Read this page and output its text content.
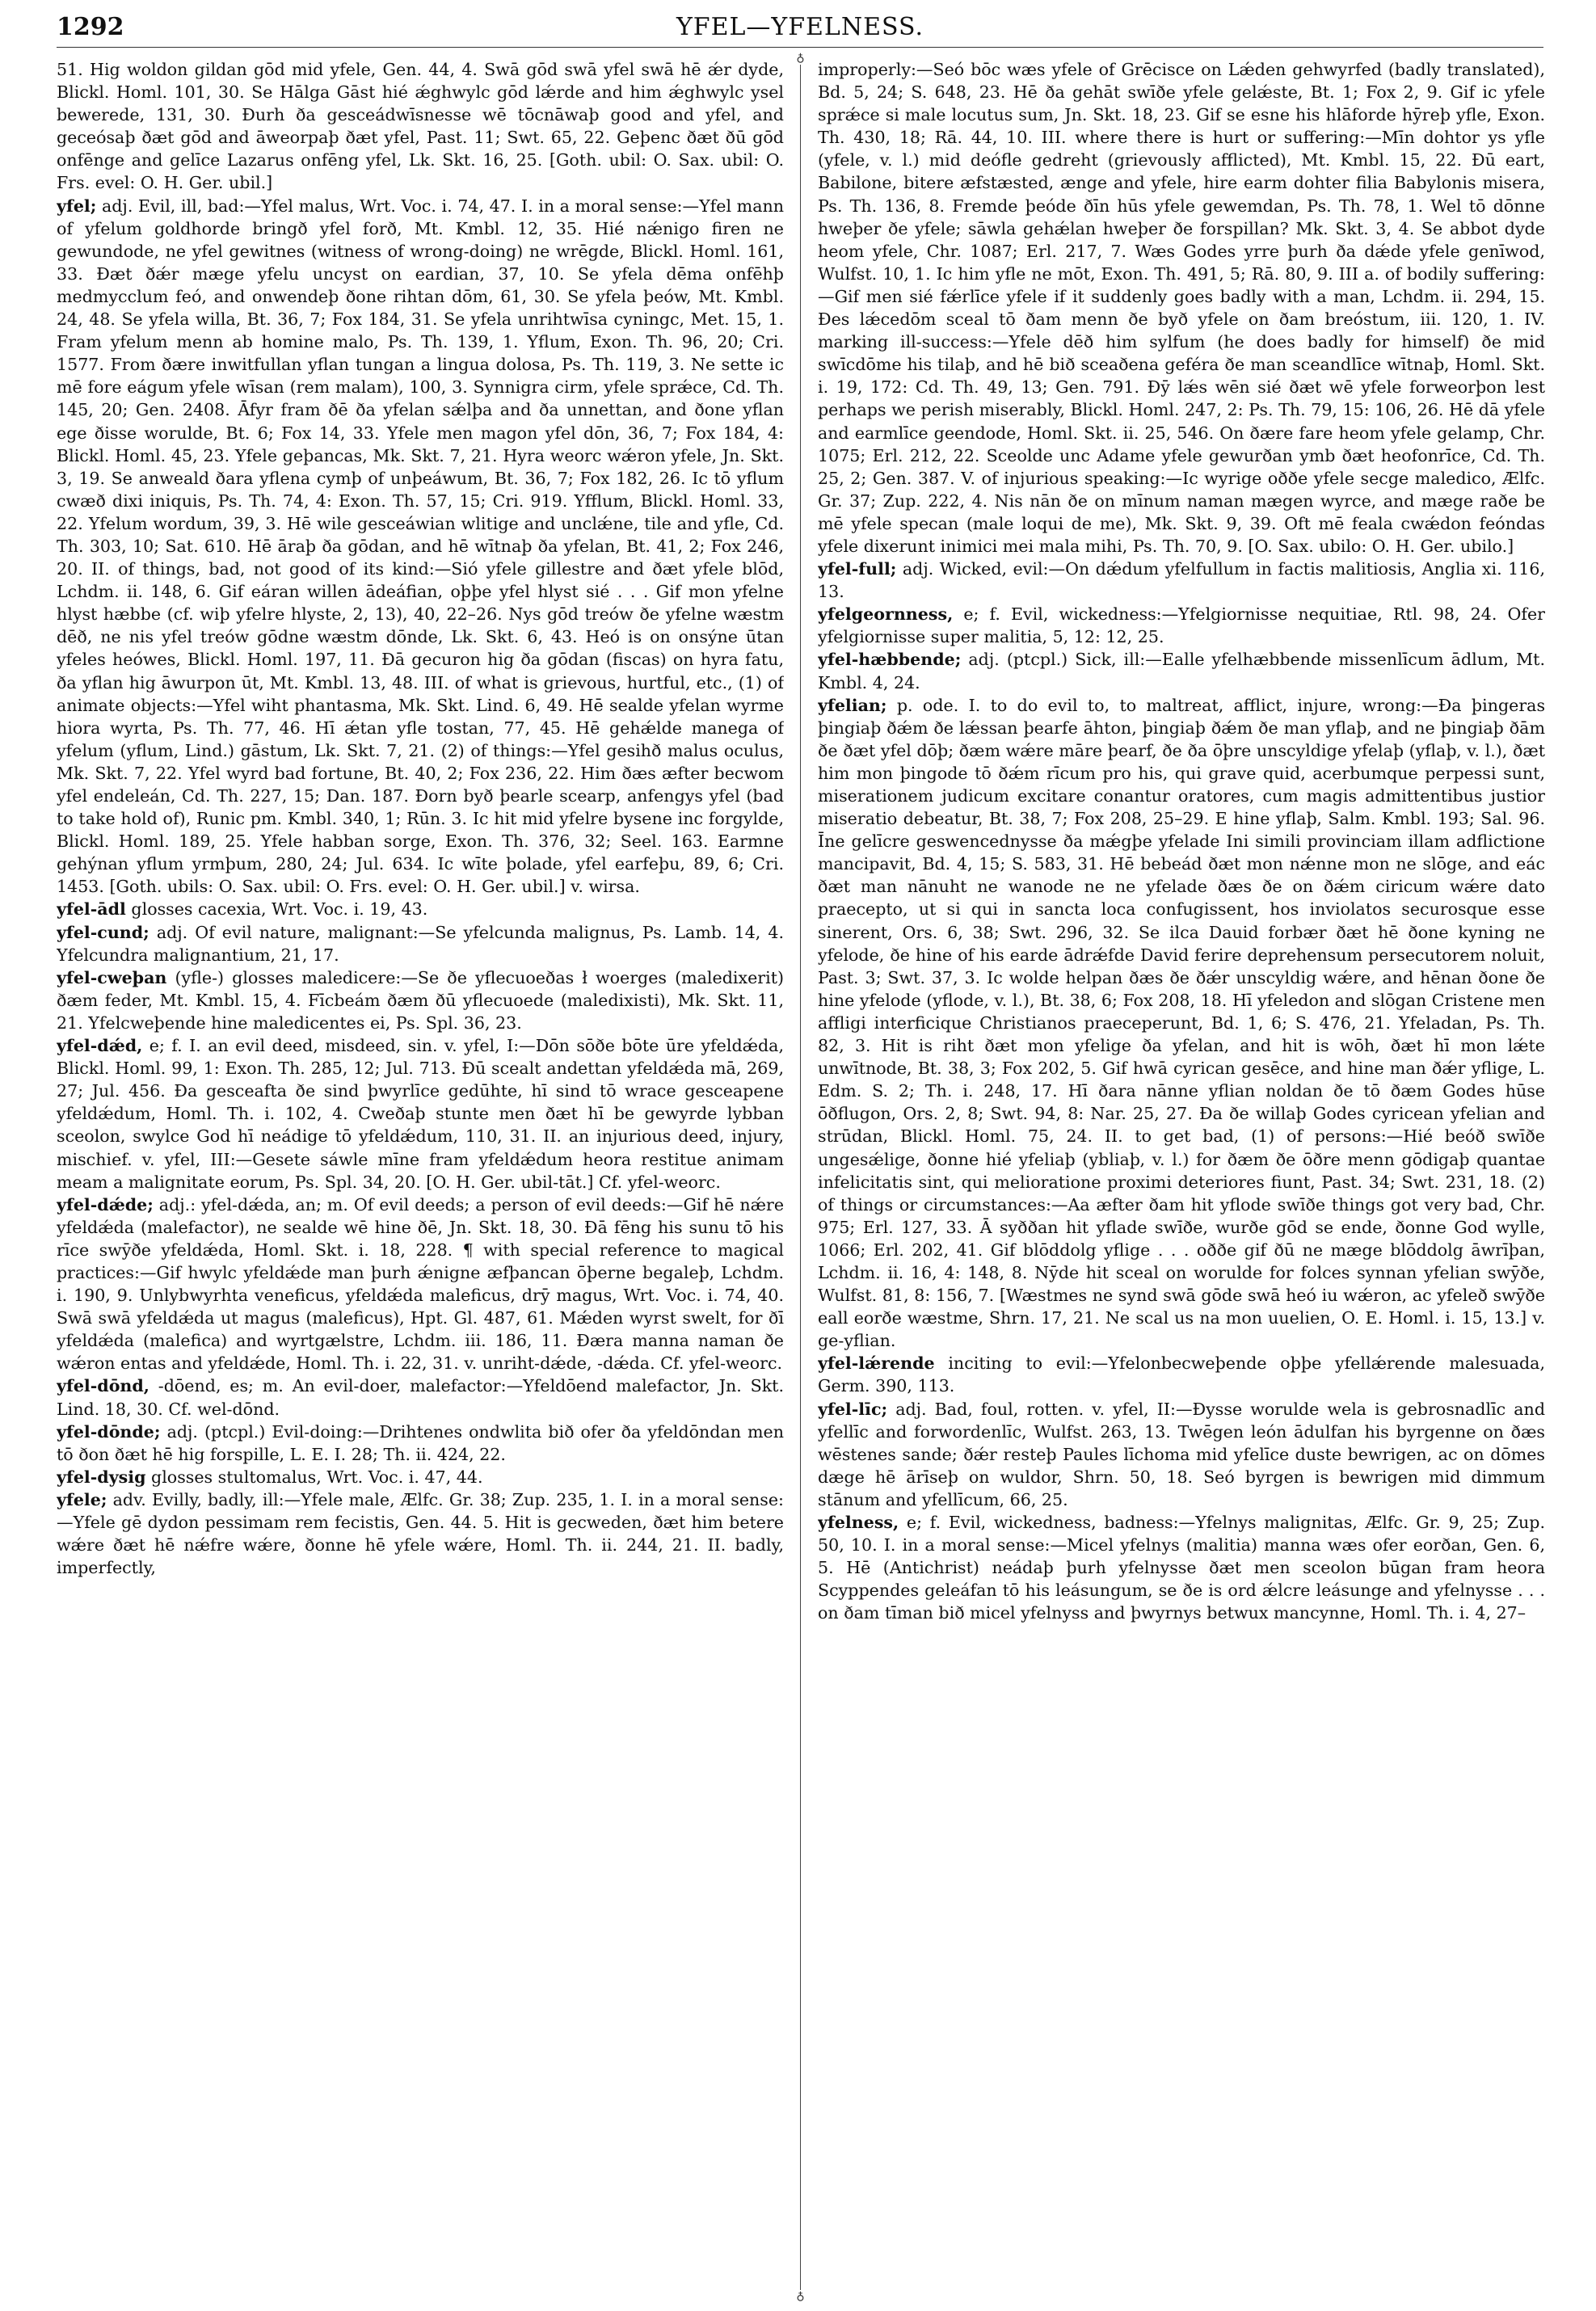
1292	YFEL—YFELNESS.

51. Hig woldon gildan gōd mid yfele, Gen. 44, 4. Swā gōd swā yfel swā hē ǽr dyde, Blickl. Homl. 101, 30. Se Hālga Gāst hié ǽghwylc gōd lǽrde and him ǽghwylc ysel bewerede, 131, 30. Ðurh ða gesceádwīsnesse wē tōcnāwaþ good and yfel, and geceósaþ ðæt gōd and āweorpaþ ðæt yfel, Past. 11; Swt. 65, 22. Geþenc ðæt ðū gōd onfēnge and gelīce Lazarus onfēng yfel, Lk. Skt. 16, 25. [Goth. ubil: O. Sax. ubil: O. Frs. evel: O. H. Ger. ubil.]

yfel; adj. Evil, ill, bad:—Yfel malus, Wrt. Voc. i. 74, 47. I. in a moral sense:—Yfel mann of yfelum goldhorde bringð yfel forð, Mt. Kmbl. 12, 35. Hié nǽnigo firen ne gewundode, ne yfel gewitnes (witness of wrong-doing) ne wrēgde, Blickl. Homl. 161, 33. Ðæt ðǽr mæge yfelu uncyst on eardian, 37, 10. Se yfela dēma onfēhþ medmycclum feó, and onwendeþ ðone rihtan dōm, 61, 30. Se yfela þeów, Mt. Kmbl. 24, 48. Se yfela willa, Bt. 36, 7; Fox 184, 31. Se yfela unrihtwīsa cyningc, Met. 15, 1. Fram yfelum menn ab homine malo, Ps. Th. 139, 1. Yflum, Exon. Th. 96, 20; Cri. 1577. From ðære inwitfullan yflan tungan a lingua dolosa, Ps. Th. 119, 3. Ne sette ic mē fore eágum yfele wīsan (rem malam), 100, 3. Synnigra cirm, yfele sprǽce, Cd. Th. 145, 20; Gen. 2408. Āfyr fram ðē ða yfelan sǽlþa and ða unnettan, and ðone yflan ege ðisse worulde, Bt. 6; Fox 14, 33. Yfele men magon yfel dōn, 36, 7; Fox 184, 4: Blickl. Homl. 45, 23. Yfele geþancas, Mk. Skt. 7, 21. Hyra weorc wǽron yfele, Jn. Skt. 3, 19. Se anweald ðara yflena cymþ of unþeáwum, Bt. 36, 7; Fox 182, 26. Ic tō yflum cwæð dixi iniquis, Ps. Th. 74, 4: Exon. Th. 57, 15; Cri. 919. Yfflum, Blickl. Homl. 33, 22. Yfelum wordum, 39, 3. Hē wile gesceáwian wlitige and unclǽne, tile and yfle, Cd. Th. 303, 10; Sat. 610. Hē āraþ ða gōdan, and hē wītnaþ ða yfelan, Bt. 41, 2; Fox 246, 20. II. of things, bad, not good of its kind:—Sió yfele gillestre and ðæt yfele blōd, Lchdm. ii. 148, 6. Gif eáran willen ādeáfian, oþþe yfel hlyst sié . . . Gif mon yfelne hlyst hæbbe (cf. wiþ yfelre hlyste, 2, 13), 40, 22–26. Nys gōd treów ðe yfelne wæstm dēð, ne nis yfel treów gōdne wæstm dōnde, Lk. Skt. 6, 43. Heó is on onsýne ūtan yfeles heówes, Blickl. Homl. 197, 11. Ðā gecuron hig ða gōdan (fiscas) on hyra fatu, ða yflan hig āwurpon ūt, Mt. Kmbl. 13, 48. III. of what is grievous, hurtful, etc., (1) of animate objects:—Yfel wiht phantasma, Mk. Skt. Lind. 6, 49. Hē sealde yfelan wyrme hiora wyrta, Ps. Th. 77, 46. Hī ǽtan yfle tostan, 77, 45. Hē gehǽlde manega of yfelum (yflum, Lind.) gāstum, Lk. Skt. 7, 21. (2) of things:—Yfel gesihð malus oculus, Mk. Skt. 7, 22. Yfel wyrd bad fortune, Bt. 40, 2; Fox 236, 22. Him ðæs æfter becwom yfel endeleán, Cd. Th. 227, 15; Dan. 187. Ðorn byð þearle scearp, anfengys yfel (bad to take hold of), Runic pm. Kmbl. 340, 1; Rūn. 3. Ic hit mid yfelre bysene inc forgylde, Blickl. Homl. 189, 25. Yfele habban sorge, Exon. Th. 376, 32; Seel. 163. Earmne gehýnan yflum yrmþum, 280, 24; Jul. 634. Ic wīte þolade, yfel earfeþu, 89, 6; Cri. 1453. [Goth. ubils: O. Sax. ubil: O. Frs. evel: O. H. Ger. ubil.] v. wirsa.

yfel-ādl glosses cacexia, Wrt. Voc. i. 19, 43.

yfel-cund; adj. Of evil nature, malignant:—Se yfelcunda malignus, Ps. Lamb. 14, 4. Yfelcundra malignantium, 21, 17.

yfel-cweþan (yfle-) glosses maledicere:—Se ðe yflecuoeðas ł woerges (maledixerit) ðæm feder, Mt. Kmbl. 15, 4. Fīcbeám ðæm ðū yflecuoede (maledixisti), Mk. Skt. 11, 21. Yfelcweþende hine maledicentes ei, Ps. Spl. 36, 23.

yfel-dǽd, e; f. I. an evil deed, misdeed, sin. v. yfel, I:—Dōn sōðe bōte ūre yfeldǽda, Blickl. Homl. 99, 1: Exon. Th. 285, 12; Jul. 713. Ðū scealt andettan yfeldǽda mā, 269, 27; Jul. 456. Ða gesceafta ðe sind þwyrlīce gedūhte, hī sind tō wrace gesceapene yfeldǽdum, Homl. Th. i. 102, 4. Cweðaþ stunte men ðæt hī be gewyrde lybban sceolon, swylce God hī neádige tō yfeldǽdum, 110, 31. II. an injurious deed, injury, mischief. v. yfel, III:—Gesete sáwle mīne fram yfeldǽdum heora restitue animam meam a malignitate eorum, Ps. Spl. 34, 20. [O. H. Ger. ubil-tāt.] Cf. yfel-weorc.

yfel-dǽde; adj.: yfel-dǽda, an; m. Of evil deeds; a person of evil deeds:—Gif hē nǽre yfeldǽda (malefactor), ne sealde wē hine ðē, Jn. Skt. 18, 30. Ðā fēng his sunu tō his rīce swȳðe yfeldǽda, Homl. Skt. i. 18, 228. ¶ with special reference to magical practices:—Gif hwylc yfeldǽde man þurh ǽnigne æfþancan ōþerne begaleþ, Lchdm. i. 190, 9. Unlybwyrhta veneficus, yfeldǽda maleficus, drȳ magus, Wrt. Voc. i. 74, 40. Swā swā yfeldǽda ut magus (maleficus), Hpt. Gl. 487, 61. Mǽden wyrst swelt, for ðī yfeldǽda (malefica) and wyrtgælstre, Lchdm. iii. 186, 11. Ðæra manna naman ðe wǽron entas and yfeldǽde, Homl. Th. i. 22, 31. v. unriht-dǽde, -dǽda. Cf. yfel-weorc.

yfel-dōnd, -dōend, es; m. An evil-doer, malefactor:—Yfeldōend malefactor, Jn. Skt. Lind. 18, 30. Cf. wel-dōnd.

yfel-dōnde; adj. (ptcpl.) Evil-doing:—Drihtenes ondwlita bið ofer ða yfeldōndan men tō ðon ðæt hē hig forspille, L. E. I. 28; Th. ii. 424, 22.

yfel-dysig glosses stultomalus, Wrt. Voc. i. 47, 44.

yfele; adv. Evilly, badly, ill:—Yfele male, Ælfc. Gr. 38; Zup. 235, 1. I. in a moral sense:—Yfele gē dydon pessimam rem fecistis, Gen. 44. 5. Hit is gecweden, ðæt him betere wǽre ðæt hē nǽfre wǽre, ðonne hē yfele wǽre, Homl. Th. ii. 244, 21. II. badly, imperfectly,

♁
♁

improperly:—Seó bōc wæs yfele of Grēcisce on Lǽden gehwyrfed (badly translated), Bd. 5, 24; S. 648, 23. Hē ða gehāt swīðe yfele gelǽste, Bt. 1; Fox 2, 9. Gif ic yfele sprǽce si male locutus sum, Jn. Skt. 18, 23. Gif se esne his hlāforde hȳreþ yfle, Exon. Th. 430, 18; Rā. 44, 10. III. where there is hurt or suffering:—Mīn dohtor ys yfle (yfele, v. l.) mid deófle gedreht (grievously afflicted), Mt. Kmbl. 15, 22. Ðū eart, Babilone, bitere æfstæsted, ænge and yfele, hire earm dohter filia Babylonis misera, Ps. Th. 136, 8. Fremde þeóde ðīn hūs yfele gewemdan, Ps. Th. 78, 1. Wel tō dōnne hweþer ðe yfele; sāwla gehǽlan hweþer ðe forspillan? Mk. Skt. 3, 4. Se abbot dyde heom yfele, Chr. 1087; Erl. 217, 7. Wæs Godes yrre þurh ða dǽde yfele genīwod, Wulfst. 10, 1. Ic him yfle ne mōt, Exon. Th. 491, 5; Rā. 80, 9. III a. of bodily suffering:—Gif men sié fǽrlīce yfele if it suddenly goes badly with a man, Lchdm. ii. 294, 15. Ðes lǽcedōm sceal tō ðam menn ðe byð yfele on ðam breóstum, iii. 120, 1. IV. marking ill-success:—Yfele dēð him sylfum (he does badly for himself) ðe mid swīcdōme his tilaþ, and hē bið sceaðena geféra ðe man sceandlīce wītnaþ, Homl. Skt. i. 19, 172: Cd. Th. 49, 13; Gen. 791. Ðȳ lǽs wēn sié ðæt wē yfele forweorþon lest perhaps we perish miserably, Blickl. Homl. 247, 2: Ps. Th. 79, 15: 106, 26. Hē dā yfele and earmlīce geendode, Homl. Skt. ii. 25, 546. On ðære fare heom yfele gelamp, Chr. 1075; Erl. 212, 22. Sceolde unc Adame yfele gewurðan ymb ðæt heofonrīce, Cd. Th. 25, 2; Gen. 387. V. of injurious speaking:—Ic wyrige oððe yfele secge maledico, Ælfc. Gr. 37; Zup. 222, 4. Nis nān ðe on mīnum naman mægen wyrce, and mæge raðe be mē yfele specan (male loqui de me), Mk. Skt. 9, 39. Oft mē feala cwǽdon feóndas yfele dixerunt inimici mei mala mihi, Ps. Th. 70, 9. [O. Sax. ubilo: O. H. Ger. ubilo.]

yfel-full; adj. Wicked, evil:—On dǽdum yfelfullum in factis malitiosis, Anglia xi. 116, 13.

yfelgeornness, e; f. Evil, wickedness:—Yfelgiornisse nequitiae, Rtl. 98, 24. Ofer yfelgiornisse super malitia, 5, 12: 12, 25.

yfel-hæbbende; adj. (ptcpl.) Sick, ill:—Ealle yfelhæbbende missenlīcum ādlum, Mt. Kmbl. 4, 24.

yfelian; p. ode. I. to do evil to, to maltreat, afflict, injure, wrong:—Ða þingeras þingiaþ ðǽm ðe lǽssan þearfe āhton, þingiaþ ðǽm ðe man yflaþ, and ne þingiaþ ðām ðe ðæt yfel dōþ; ðæm wǽre māre þearf, ðe ða ōþre unscyldige yfelaþ (yflaþ, v. l.), ðæt him mon þingode tō ðǽm rīcum pro his, qui grave quid, acerbumque perpessi sunt, miserationem judicum excitare conantur oratores, cum magis admittentibus justior miseratio debeatur, Bt. 38, 7; Fox 208, 25–29. E hine yflaþ, Salm. Kmbl. 193; Sal. 96. Īne gelīcre geswencednysse ða mǽgþe yfelade Ini simili provinciam illam adflictione mancipavit, Bd. 4, 15; S. 583, 31. Hē bebeád ðæt mon nǽnne mon ne slōge, and eác ðæt man nānuht ne wanode ne ne yfelade ðæs ðe on ðǽm ciricum wǽre dato praecepto, ut si qui in sancta loca confugissent, hos inviolatos securosque esse sinerent, Ors. 6, 38; Swt. 296, 32. Se ilca Dauid forbær ðæt hē ðone kyning ne yfelode, ðe hine of his earde ādrǽfde David ferire deprehensum persecutorem noluit, Past. 3; Swt. 37, 3. Ic wolde helpan ðæs ðe ðǽr unscyldig wǽre, and hēnan ðone ðe hine yfelode (yflode, v. l.), Bt. 38, 6; Fox 208, 18. Hī yfeledon and slōgan Cristene men affligi interficique Christianos praeceperunt, Bd. 1, 6; S. 476, 21. Yfeladan, Ps. Th. 82, 3. Hit is riht ðæt mon yfelige ða yfelan, and hit is wōh, ðæt hī mon lǽte unwītnode, Bt. 38, 3; Fox 202, 5. Gif hwā cyrican gesēce, and hine man ðǽr yflige, L. Edm. S. 2; Th. i. 248, 17. Hī ðara nānne yflian noldan ðe tō ðæm Godes hūse ōðflugon, Ors. 2, 8; Swt. 94, 8: Nar. 25, 27. Ða ðe willaþ Godes cyricean yfelian and strūdan, Blickl. Homl. 75, 24. II. to get bad, (1) of persons:—Hié beóð swīðe ungesǽlige, ðonne hié yfeliaþ (ybliaþ, v. l.) for ðæm ðe ōðre menn gōdigaþ quantae infelicitatis sint, qui melioratione proximi deteriores fiunt, Past. 34; Swt. 231, 18. (2) of things or circumstances:—Aa æfter ðam hit yflode swīðe things got very bad, Chr. 975; Erl. 127, 33. Ā syððan hit yflade swīðe, wurðe gōd se ende, ðonne God wylle, 1066; Erl. 202, 41. Gif blōddolg yflige . . . oððe gif ðū ne mæge blōddolg āwrīþan, Lchdm. ii. 16, 4: 148, 8. Nȳde hit sceal on worulde for folces synnan yfelian swȳðe, Wulfst. 81, 8: 156, 7. [Wæstmes ne synd swā gōde swā heó iu wǽron, ac yfeleð swȳðe eall eorðe wæstme, Shrn. 17, 21. Ne scal us na mon uuelien, O. E. Homl. i. 15, 13.] v. ge-yflian.

yfel-lǽrende inciting to evil:—Yfelonbecweþende oþþe yfellǽrende malesuada, Germ. 390, 113.

yfel-līc; adj. Bad, foul, rotten. v. yfel, II:—Ðysse worulde wela is gebrosnadlīc and yfellīc and forwordenlīc, Wulfst. 263, 13. Twēgen león ādulfan his byrgenne on ðæs wēstenes sande; ðǽr resteþ Paules līchoma mid yfelīce duste bewrigen, ac on dōmes dæge hē ārīseþ on wuldor, Shrn. 50, 18. Seó byrgen is bewrigen mid dimmum stānum and yfellīcum, 66, 25.

yfelness, e; f. Evil, wickedness, badness:—Yfelnys malignitas, Ælfc. Gr. 9, 25; Zup. 50, 10. I. in a moral sense:—Micel yfelnys (malitia) manna wæs ofer eorðan, Gen. 6, 5. Hē (Antichrist) neádaþ þurh yfelnysse ðæt men sceolon būgan fram heora Scyppendes geleáfan tō his leásungum, se ðe is ord ǽlcre leásunge and yfelnysse . . . on ðam tīman bið micel yfelnyss and þwyrnys betwux mancynne, Homl. Th. i. 4, 27–
